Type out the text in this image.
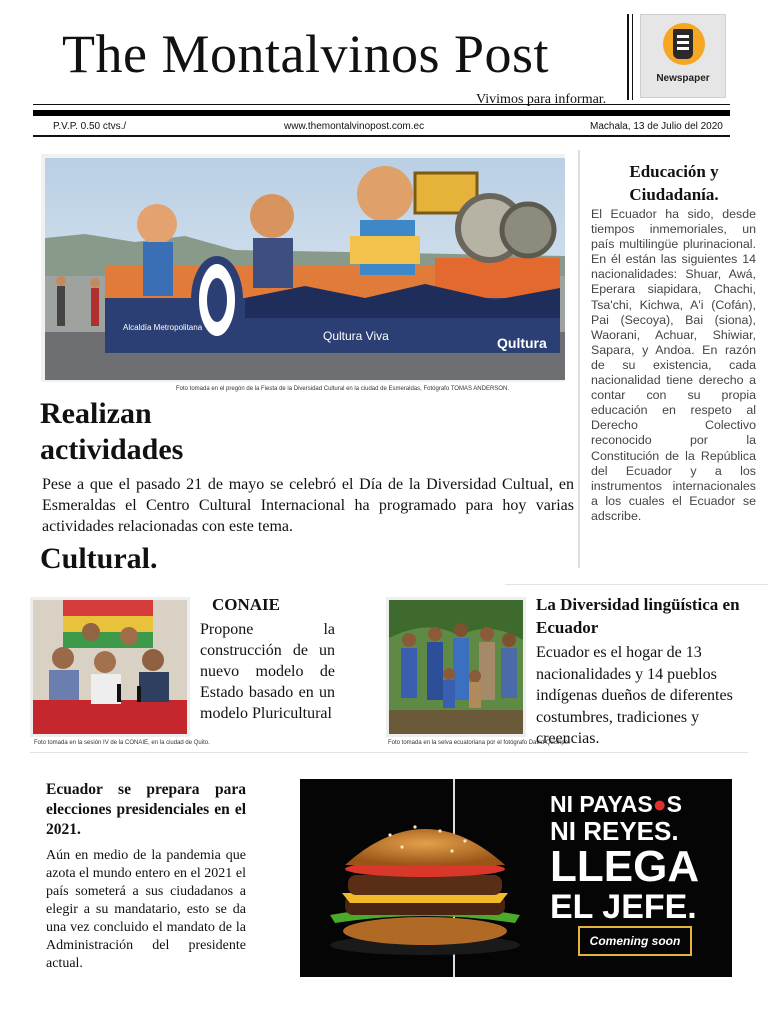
The Montalvinos Post	Newspaper
Vivimos para informar.
P.V.P. 0.50 ctvs./	www.themontalvinopost.com.ec	Machala, 13 de Julio del 2020
Alcaldía Metropolitana
Qultura Viva	Qultura
Foto tomada en el pregón de la Fiesta de la Diversidad Cultural en la ciudad de Esmeraldas, Fotógrafo TOMAS ANDERSON.
Realizan
actividades
Pese a que el pasado 21 de mayo se celebró el Día de la Diversidad Cultual, en Esmeraldas el Centro Cultural Internacional ha programado para hoy varias actividades relacionadas con este tema.
Cultural.
Educación y Ciudadanía.
El Ecuador ha sido, desde tiempos inmemoriales, un país multilingüe plurinacional. En él están las siguientes 14 nacionalidades: Shuar, Awá, Eperara siapidara, Chachi, Tsa'chi, Kichwa, A'i (Cofán), Pai (Secoya), Bai (siona), Waorani, Achuar, Shiwiar, Sapara, y Andoa. En razón de su existencia, cada nacionalidad tiene derecho a contar con su propia educación en respeto al Derecho Colectivo reconocido por la Constitución de la República del Ecuador y a los instrumentos internacionales a los cuales el Ecuador se adscribe.
Foto tomada en la sesión IV de la CONAIE, en la ciudad de Quito.
CONAIE
Propone la construcción de un nuevo modelo de Estado basado en un modelo Pluricultural
Foto tomada en la selva ecuatoriana por el fotógrafo David Quishpe.
La Diversidad lingüística en Ecuador
Ecuador es el hogar de 13 nacionalidades y 14 pueblos indígenas dueños de diferentes costumbres, tradiciones y creencias.
Ecuador se prepara para elecciones presidenciales en el 2021.
Aún en medio de la pandemia que azota el mundo entero en el 2021 el país someterá a sus ciudadanos a elegir a su mandatario, esto se da una vez concluido el mandato de la Administración del presidente actual.
NI PAYAS●S
NI REYES.
LLEGA
EL JEFE.
Comening soon
